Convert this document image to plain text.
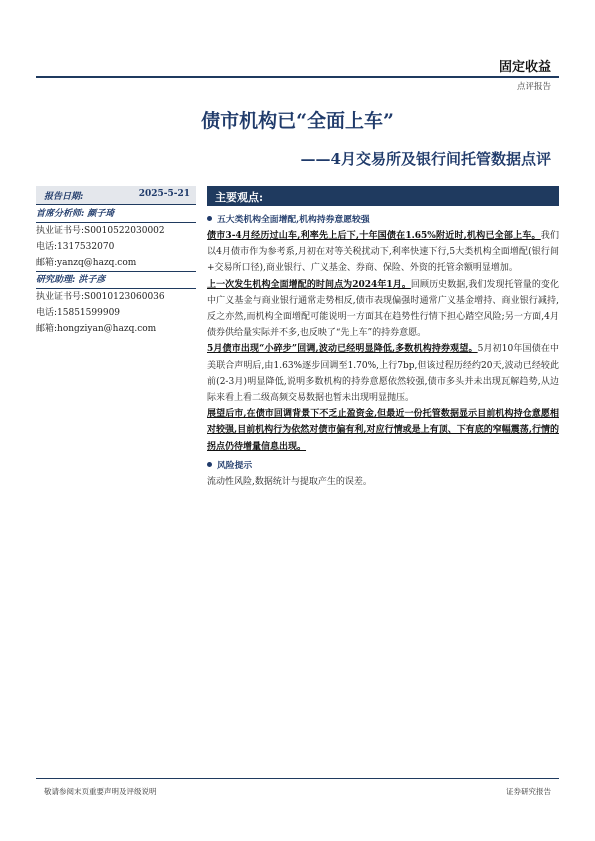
固定收益
点评报告
债市机构已“全面上车”
——4月交易所及银行间托管数据点评
报告日期:	2025-5-21
首席分析师: 颜子琦
执业证书号:S0010522030002
电话:13175320​70
邮箱:yanzq@hazq.com
研究助理: 洪子彦
执业证书号:S0010123060036
电话:15851599909
邮箱:hongziyan@hazq.com
主要观点:
五大类机构全面增配,机构持券意愿较强
债市3-4月经历过山车,利率先上后下,十年国债在1.65%附近时,机构已全部上车。我们以4月债市作为参考系,月初在对等关税扰动下,利率快速下行,5大类机构全面增配(银行间+交易所口径),商业银行、广义基金、券商、保险、外资的托管余额明显增加。
上一次发生机构全面增配的时间点为2024年1月。回顾历史数据,我们发现托管量的变化中广义基金与商业银行通常走势相反,债市表现偏强时通常广义基金增持、商业银行减持,反之亦然,而机构全面增配可能说明一方面其在趋势性行情下担心踏空风险;另一方面,4月债券供给量实际并不多,也反映了“先上车”的持券意愿。
5月债市出现“小碎步”回调,波动已经明显降低,多数机构持券观望。5月初10年国债在中美联合声明后,由1.63%逐步回调至1.70%,上行7bp,但该过程历经约20天,波动已经较此前(2-3月)明显降低,说明多数机构的持券意愿依然较强,债市多头并未出现瓦解趋势,从边际来看上看二级高频交易数据也暂未出现明显抛压。
展望后市,在债市回调背景下不乏止盈资金,但最近一份托管数据显示目前机构持仓意愿相对较强,目前机构行为依然对债市偏有利,对应行情或是上有顶、下有底的窄幅震荡,行情的拐点仍待增量信息出现。
风险提示
流动性风险,数据统计与提取产生的误差。
敬请参阅末页重要声明及评级说明	证券研究报告
